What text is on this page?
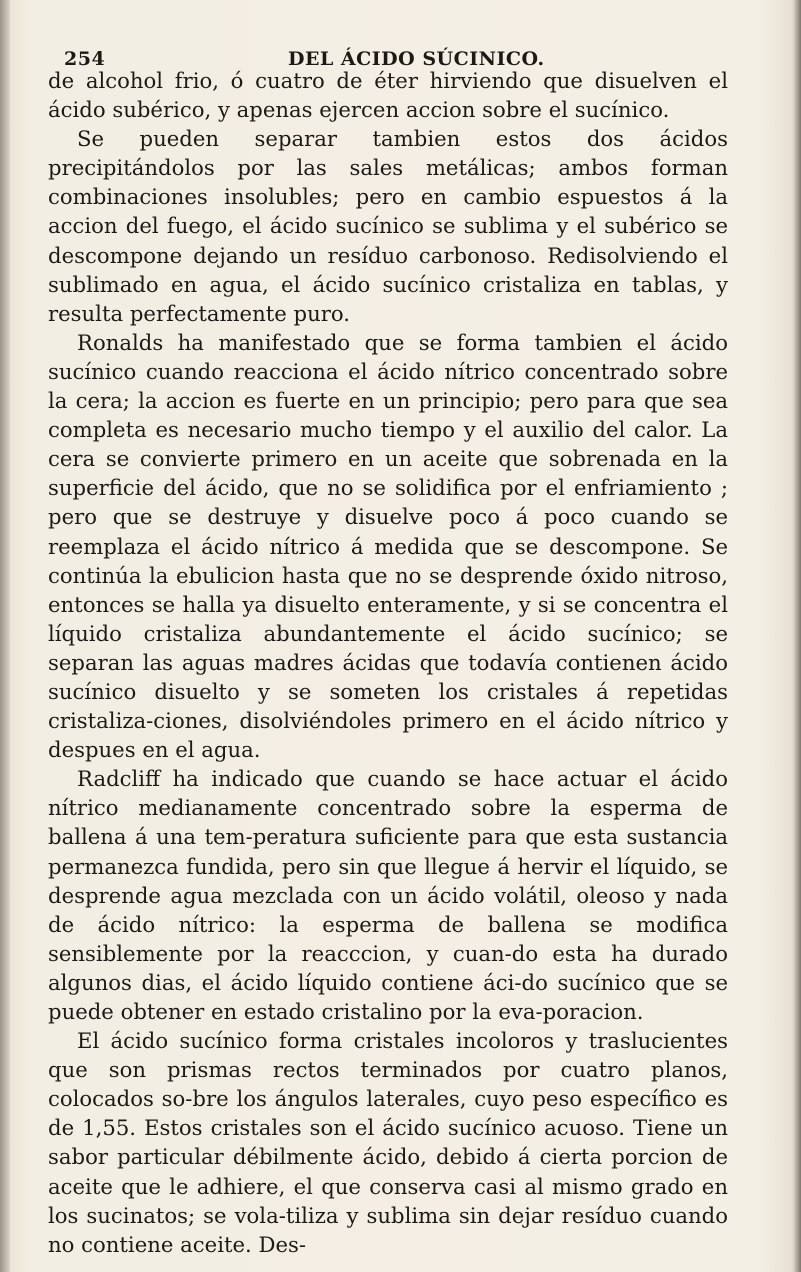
254	DEL ÁCIDO SÚCINICO.

de alcohol frio, ó cuatro de éter hirviendo que disuelven el ácido subérico, y apenas ejercen accion sobre el sucínico.

Se pueden separar tambien estos dos ácidos precipitándolos por las sales metálicas; ambos forman combinaciones insolubles; pero en cambio espuestos á la accion del fuego, el ácido sucínico se sublima y el subérico se descompone dejando un resíduo carbonoso. Redisolviendo el sublimado en agua, el ácido sucínico cristaliza en tablas, y resulta perfectamente puro.

Ronalds ha manifestado que se forma tambien el ácido sucínico cuando reacciona el ácido nítrico concentrado sobre la cera; la accion es fuerte en un principio; pero para que sea completa es necesario mucho tiempo y el auxilio del calor. La cera se convierte primero en un aceite que sobrenada en la superficie del ácido, que no se solidifica por el enfriamiento ; pero que se destruye y disuelve poco á poco cuando se reemplaza el ácido nítrico á medida que se descompone. Se continúa la ebulicion hasta que no se desprende óxido nitroso, entonces se halla ya disuelto enteramente, y si se concentra el líquido cristaliza abundantemente el ácido sucínico; se separan las aguas madres ácidas que todavía contienen ácido sucínico disuelto y se someten los cristales á repetidas cristaliza-ciones, disolviéndoles primero en el ácido nítrico y despues en el agua.

Radcliff ha indicado que cuando se hace actuar el ácido nítrico medianamente concentrado sobre la esperma de ballena á una tem-peratura suficiente para que esta sustancia permanezca fundida, pero sin que llegue á hervir el líquido, se desprende agua mezclada con un ácido volátil, oleoso y nada de ácido nítrico: la esperma de ballena se modifica sensiblemente por la reacccion, y cuan-do esta ha durado algunos dias, el ácido líquido contiene áci-do sucínico que se puede obtener en estado cristalino por la eva-poracion.

El ácido sucínico forma cristales incoloros y traslucientes que son prismas rectos terminados por cuatro planos, colocados so-bre los ángulos laterales, cuyo peso específico es de 1,55. Estos cristales son el ácido sucínico acuoso. Tiene un sabor particular débilmente ácido, debido á cierta porcion de aceite que le adhiere, el que conserva casi al mismo grado en los sucinatos; se vola-tiliza y sublima sin dejar resíduo cuando no contiene aceite. Des-
